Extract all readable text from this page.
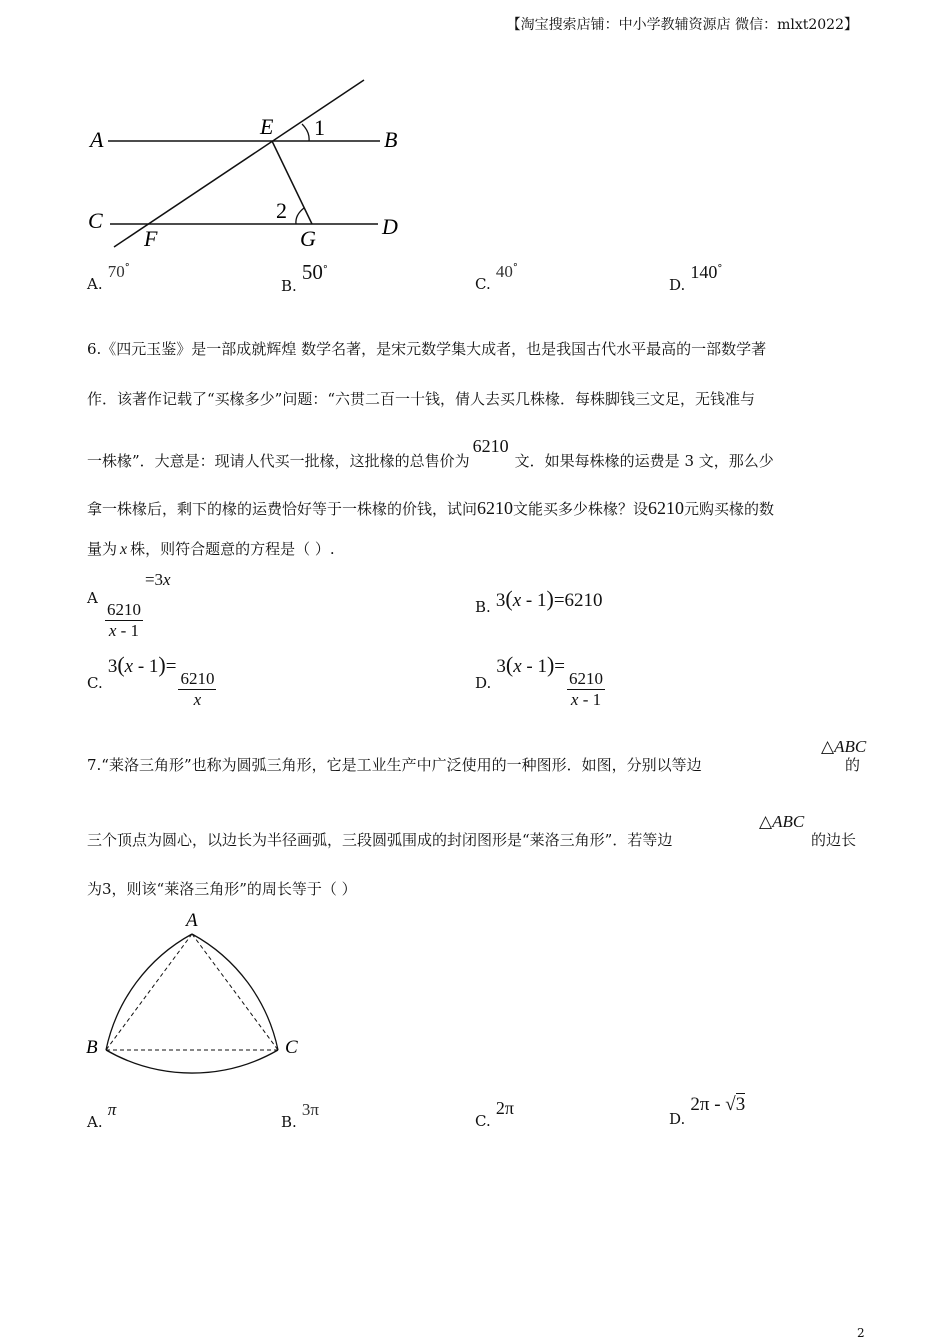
【淘宝搜索店铺：中小学教辅资源店 微信：mlxt2022】
A
E 1	B
C
F
2
G	D
A. 70°
B. 50°
C. 40°
D. 140°
6.《四元玉鉴》是一部成就辉煌 数学名著，是宋元数学集大成者，也是我国古代水平最高的一部数学著
作．该著作记载了“买椽多少”问题：“六贯二百一十钱，倩人去买几株椽．每株脚钱三文足，无钱准与
一株椽”．大意是：现请人代买一批椽，这批椽的总售价为6210文．如果每株椽的运费是 3 文，那么少
拿一株椽后，剩下的椽的运费恰好等于一株椽的价钱，试问6210文能买多少株椽？设6210元购买椽的数
量为 x 株，则符合题意的方程是（ ）.
A
$\frac{6210}{x - 1}$
=3x
B. 3(x - 1)=6210
C. 3(x - 1)=
$\frac{6210}{x}$	D. 3(x - 1)=
$\frac{6210}{x - 1}$
7.“莱洛三角形”也称为圆弧三角形，它是工业生产中广泛使用的一种图形．如图，分别以等边
△ABC
的
三个顶点为圆心，以边长为半径画弧，三段圆弧围成的封闭图形是“莱洛三角形”．若等边
△ABC
的边长
为3，则该“莱洛三角形”的周长等于（ ）
A
B	C
A. π
B. 3π
C. 2π
D. 2π - √3
2
